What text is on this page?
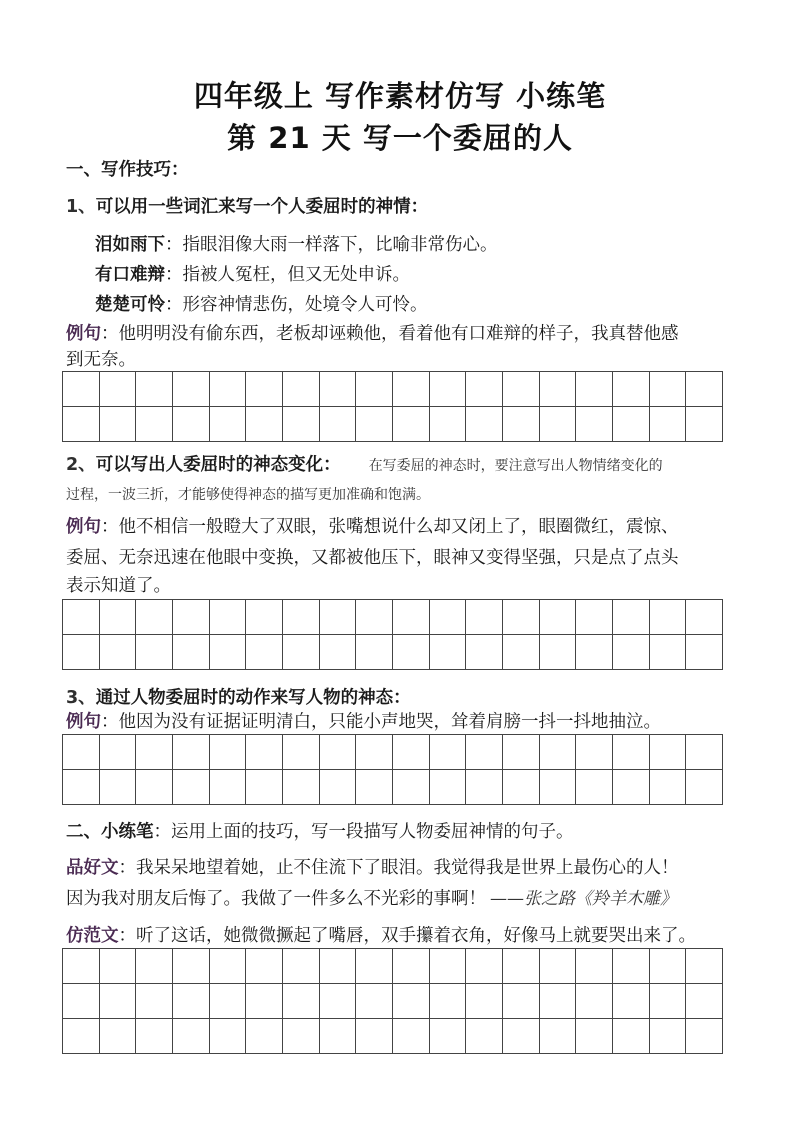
四年级上 写作素材仿写 小练笔
第 21 天 写一个委屈的人
一、写作技巧：
1、可以用一些词汇来写一个人委屈时的神情：
泪如雨下：指眼泪像大雨一样落下，比喻非常伤心。
有口难辩：指被人冤枉，但又无处申诉。
楚楚可怜：形容神情悲伤，处境令人可怜。
例句：他明明没有偷东西，老板却诬赖他，看着他有口难辩的样子，我真替他感
到无奈。
2、可以写出人委屈时的神态变化： 在写委屈的神态时，要注意写出人物情绪变化的
过程，一波三折，才能够使得神态的描写更加准确和饱满。
例句：他不相信一般瞪大了双眼，张嘴想说什么却又闭上了，眼圈微红，震惊、
委屈、无奈迅速在他眼中变换，又都被他压下，眼神又变得坚强，只是点了点头
表示知道了。
3、通过人物委屈时的动作来写人物的神态：
例句：他因为没有证据证明清白，只能小声地哭，耸着肩膀一抖一抖地抽泣。
二、小练笔：运用上面的技巧，写一段描写人物委屈神情的句子。
品好文：我呆呆地望着她，止不住流下了眼泪。我觉得我是世界上最伤心的人！
因为我对朋友后悔了。我做了一件多么不光彩的事啊！ ——张之路《羚羊木雕》
仿范文：听了这话，她微微撅起了嘴唇，双手攥着衣角，好像马上就要哭出来了。
